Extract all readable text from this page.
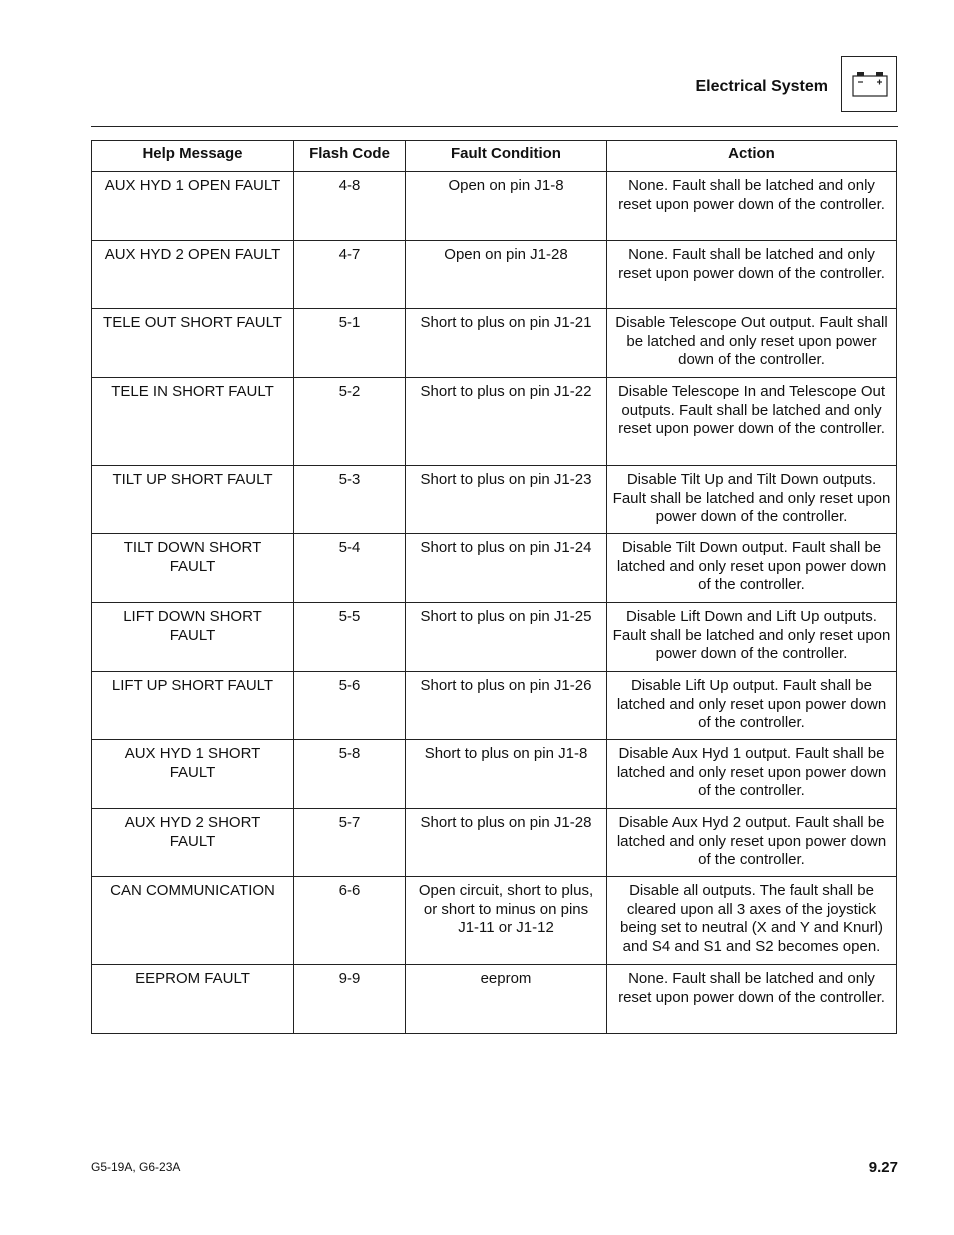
Electrical System
Help Message	Flash Code	Fault Condition	Action
AUX HYD 1 OPEN FAULT	4-8	Open on pin J1-8	None. Fault shall be latched and only reset upon power down of the controller.
AUX HYD 2 OPEN FAULT	4-7	Open on pin J1-28	None. Fault shall be latched and only reset upon power down of the controller.
TELE OUT SHORT FAULT	5-1	Short to plus on pin J1-21	Disable Telescope Out output. Fault shall be latched and only reset upon power down of the controller.
TELE IN SHORT FAULT	5-2	Short to plus on pin J1-22	Disable Telescope In and Telescope Out outputs. Fault shall be latched and only reset upon power down of the controller.
TILT UP SHORT FAULT	5-3	Short to plus on pin J1-23	Disable Tilt Up and Tilt Down outputs. Fault shall be latched and only reset upon power down of the controller.
TILT DOWN SHORT FAULT	5-4	Short to plus on pin J1-24	Disable Tilt Down output. Fault shall be latched and only reset upon power down of the controller.
LIFT DOWN SHORT FAULT	5-5	Short to plus on pin J1-25	Disable Lift Down and Lift Up outputs. Fault shall be latched and only reset upon power down of the controller.
LIFT UP SHORT FAULT	5-6	Short to plus on pin J1-26	Disable Lift Up output. Fault shall be latched and only reset upon power down of the controller.
AUX HYD 1 SHORT FAULT	5-8	Short to plus on pin J1-8	Disable Aux Hyd 1 output. Fault shall be latched and only reset upon power down of the controller.
AUX HYD 2 SHORT FAULT	5-7	Short to plus on pin J1-28	Disable Aux Hyd 2 output. Fault shall be latched and only reset upon power down of the controller.
CAN COMMUNICATION	6-6	Open circuit, short to plus, or short to minus on pins J1-11 or J1-12	Disable all outputs. The fault shall be cleared upon all 3 axes of the joystick being set to neutral (X and Y and Knurl) and S4 and S1 and S2 becomes open.
EEPROM FAULT	9-9	eeprom	None. Fault shall be latched and only reset upon power down of the controller.
G5-19A, G6-23A	9.27
